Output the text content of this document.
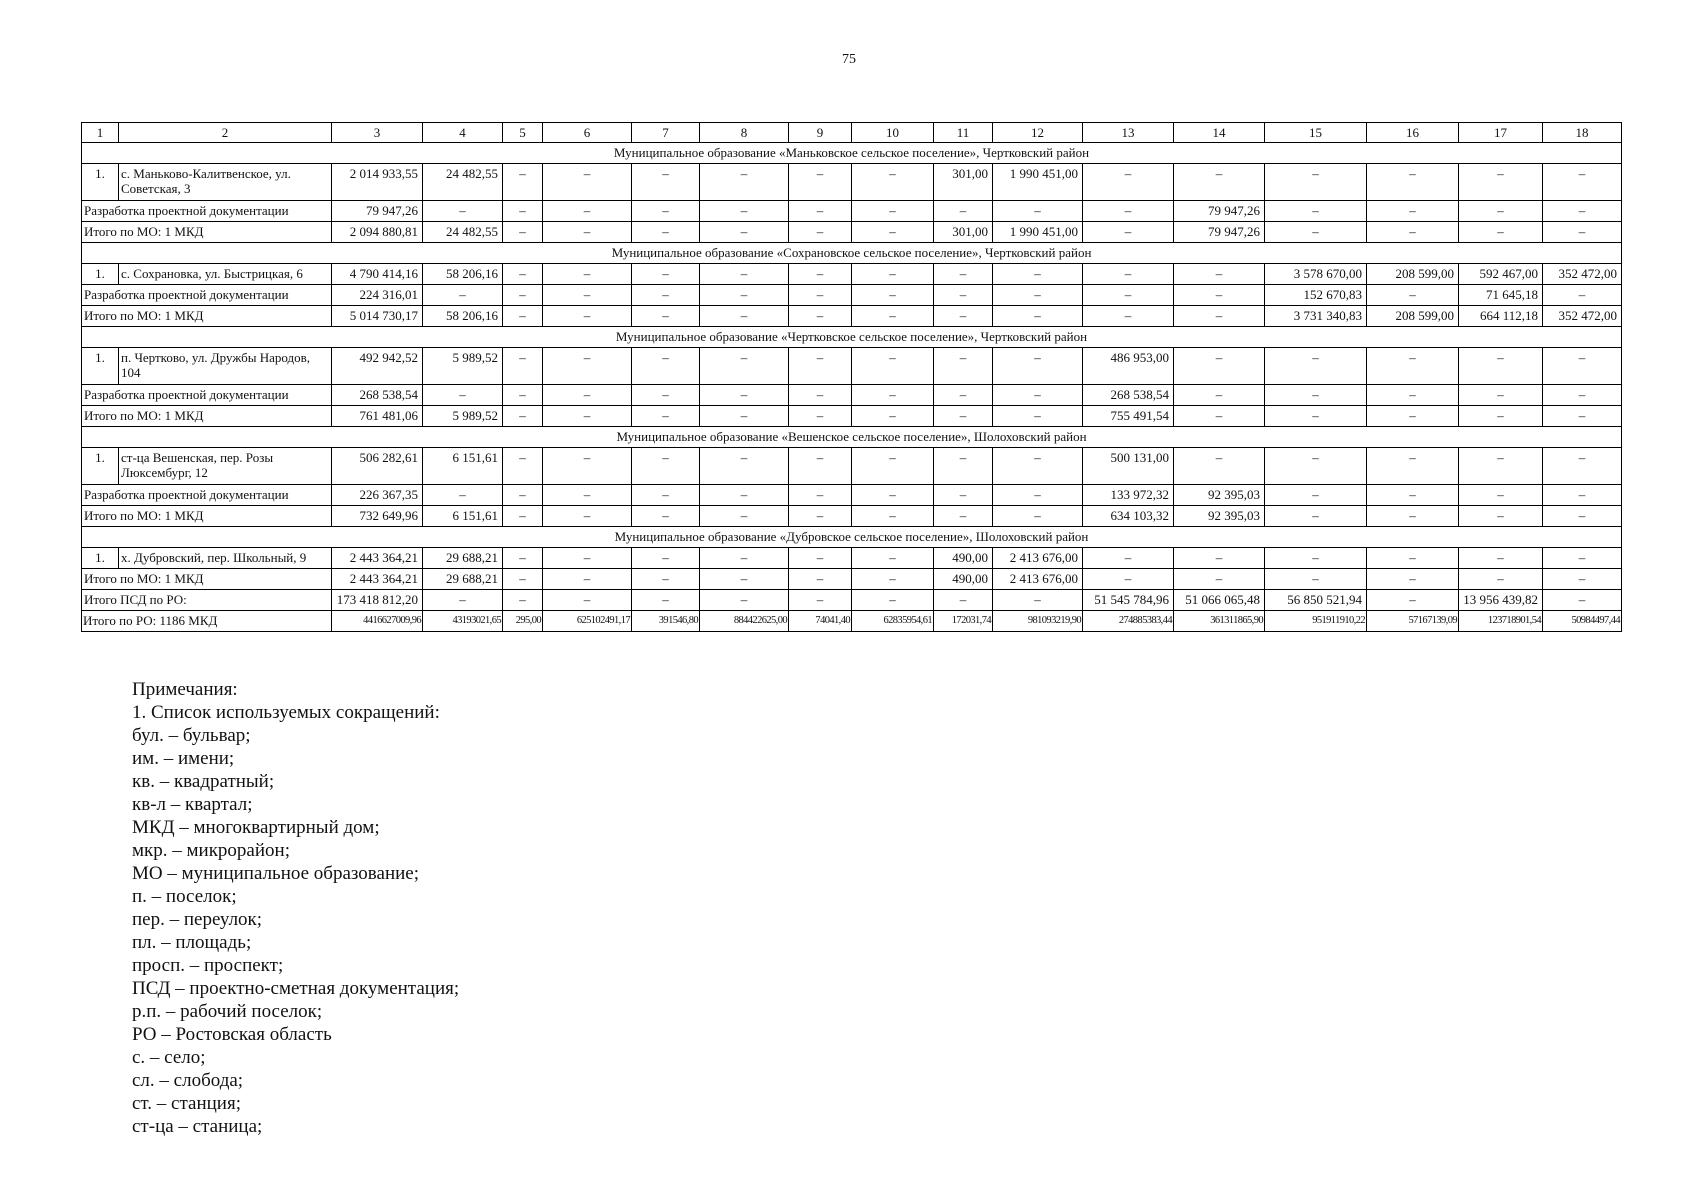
75
1	2	3	4	5	6	7	8	9	10	11	12	13	14	15	16	17	18
Муниципальное образование «Маньковское сельское поселение», Чертковский район																	
1.	с. Маньково-Калитвенское, ул. Советская, 3	2 014 933,55	24 482,55	–	–	–	–	–	–	301,00	1 990 451,00	–	–	–	–	–	–
Разработка проектной документации		79 947,26	–	–	–	–	–	–	–	–	–	–	79 947,26	–	–	–	–
Итого по МО: 1 МКД		2 094 880,81	24 482,55	–	–	–	–	–	–	301,00	1 990 451,00	–	79 947,26	–	–	–	–
Муниципальное образование «Сохрановское сельское поселение», Чертковский район																	
1.	с. Сохрановка, ул. Быстрицкая, 6	4 790 414,16	58 206,16	–	–	–	–	–	–	–	–	–	–	3 578 670,00	208 599,00	592 467,00	352 472,00
Разработка проектной документации		224 316,01	–	–	–	–	–	–	–	–	–	–	–	152 670,83	–	71 645,18	–
Итого по МО: 1 МКД		5 014 730,17	58 206,16	–	–	–	–	–	–	–	–	–	–	3 731 340,83	208 599,00	664 112,18	352 472,00
Муниципальное образование «Чертковское сельское поселение», Чертковский район																	
1.	п. Чертково, ул. Дружбы Народов, 104	492 942,52	5 989,52	–	–	–	–	–	–	–	–	486 953,00	–	–	–	–	–
Разработка проектной документации		268 538,54	–	–	–	–	–	–	–	–	–	268 538,54	–	–	–	–	–
Итого по МО: 1 МКД		761 481,06	5 989,52	–	–	–	–	–	–	–	–	755 491,54	–	–	–	–	–
Муниципальное образование «Вешенское сельское поселение», Шолоховский район																	
1.	ст-ца Вешенская, пер. Розы Люксембург, 12	506 282,61	6 151,61	–	–	–	–	–	–	–	–	500 131,00	–	–	–	–	–
Разработка проектной документации		226 367,35	–	–	–	–	–	–	–	–	–	133 972,32	92 395,03	–	–	–	–
Итого по МО: 1 МКД		732 649,96	6 151,61	–	–	–	–	–	–	–	–	634 103,32	92 395,03	–	–	–	–
Муниципальное образование «Дубровское сельское поселение», Шолоховский район																	
1.	х. Дубровский, пер. Школьный, 9	2 443 364,21	29 688,21	–	–	–	–	–	–	490,00	2 413 676,00	–	–	–	–	–	–
Итого по МО: 1 МКД		2 443 364,21	29 688,21	–	–	–	–	–	–	490,00	2 413 676,00	–	–	–	–	–	–
Итого ПСД по РО:		173 418 812,20	–	–	–	–	–	–	–	–	–	51 545 784,96	51 066 065,48	56 850 521,94	–	13 956 439,82	–
Итого по РО: 1186 МКД		4416627009,96	43193021,65	295,00	625102491,17	391546,80	884422625,00	74041,40	62835954,61	172031,74	981093219,90	274885383,44	361311865,90	951911910,22	57167139,09	123718901,54	50984497,44
Примечания:
1. Список используемых сокращений:
бул. – бульвар;
им. – имени;
кв. – квадратный;
кв-л – квартал;
МКД – многоквартирный дом;
мкр. – микрорайон;
МО – муниципальное образование;
п. – поселок;
пер. – переулок;
пл. – площадь;
просп. – проспект;
ПСД – проектно-сметная документация;
р.п. – рабочий поселок;
РО – Ростовская область
с. – село;
сл. – слобода;
ст. – станция;
ст-ца – станица;
